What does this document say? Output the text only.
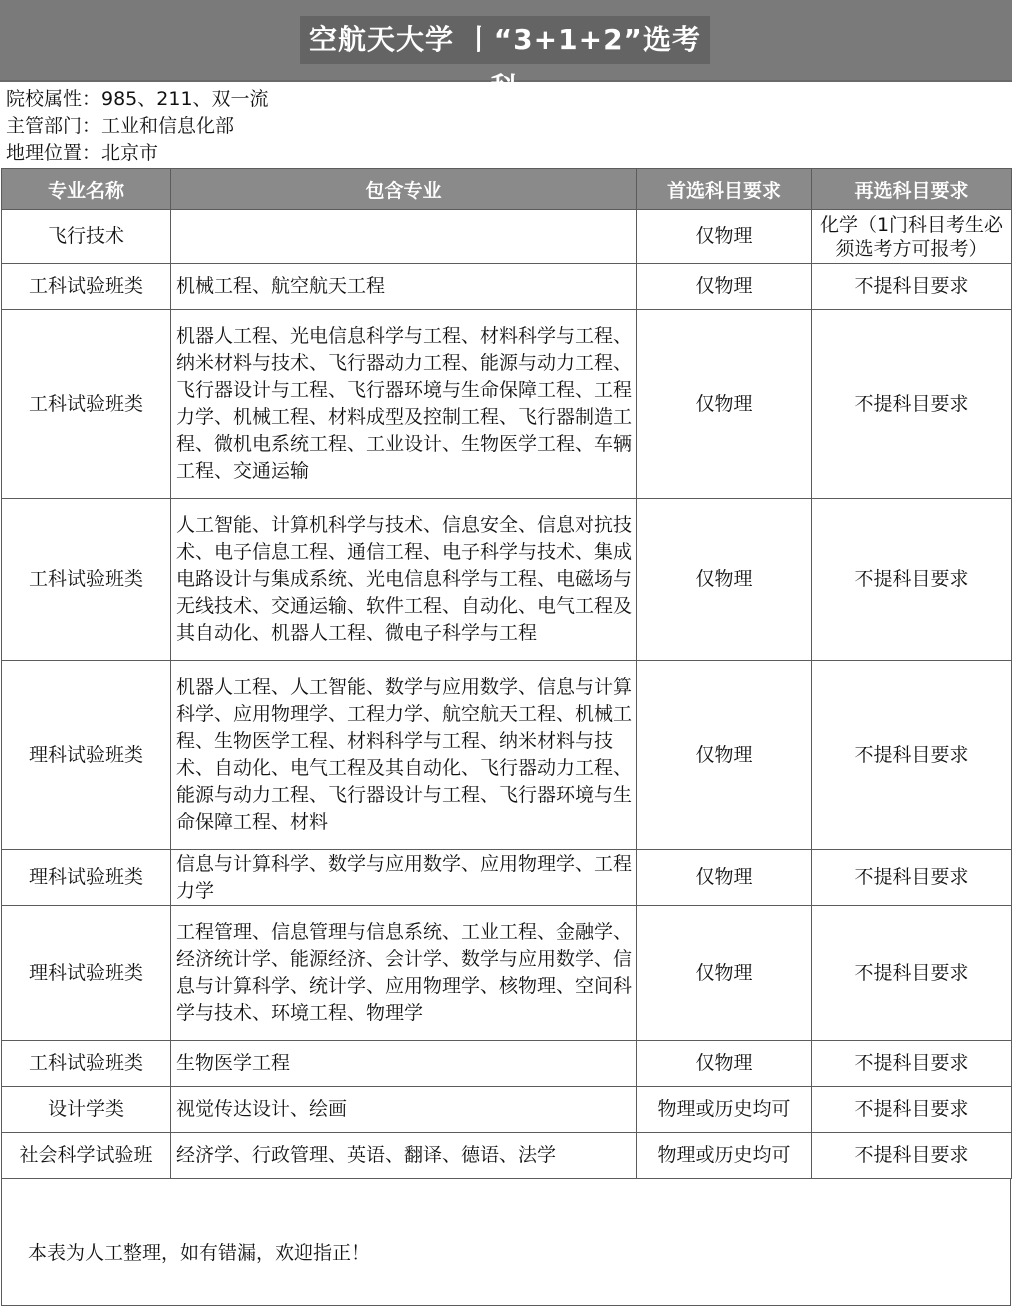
空航天大学 丨“3+1+2”选考科
院校属性：985、211、双一流
主管部门：工业和信息化部
地理位置：北京市
专业名称	包含专业	首选科目要求	再选科目要求
飞行技术		仅物理	化学（1门科目考生必须选考方可报考）
工科试验班类	机械工程、航空航天工程	仅物理	不提科目要求
工科试验班类	机器人工程、光电信息科学与工程、材料科学与工程、纳米材料与技术、飞行器动力工程、能源与动力工程、飞行器设计与工程、飞行器环境与生命保障工程、工程力学、机械工程、材料成型及控制工程、飞行器制造工程、微机电系统工程、工业设计、生物医学工程、车辆工程、交通运输	仅物理	不提科目要求
工科试验班类	人工智能、计算机科学与技术、信息安全、信息对抗技术、电子信息工程、通信工程、电子科学与技术、集成电路设计与集成系统、光电信息科学与工程、电磁场与无线技术、交通运输、软件工程、自动化、电气工程及其自动化、机器人工程、微电子科学与工程	仅物理	不提科目要求
理科试验班类	机器人工程、人工智能、数学与应用数学、信息与计算科学、应用物理学、工程力学、航空航天工程、机械工程、生物医学工程、材料科学与工程、纳米材料与技术、自动化、电气工程及其自动化、飞行器动力工程、能源与动力工程、飞行器设计与工程、飞行器环境与生命保障工程、材料	仅物理	不提科目要求
理科试验班类	信息与计算科学、数学与应用数学、应用物理学、工程力学	仅物理	不提科目要求
理科试验班类	工程管理、信息管理与信息系统、工业工程、金融学、经济统计学、能源经济、会计学、数学与应用数学、信息与计算科学、统计学、应用物理学、核物理、空间科学与技术、环境工程、物理学	仅物理	不提科目要求
工科试验班类	生物医学工程	仅物理	不提科目要求
设计学类	视觉传达设计、绘画	物理或历史均可	不提科目要求
社会科学试验班	经济学、行政管理、英语、翻译、德语、法学	物理或历史均可	不提科目要求
本表为人工整理，如有错漏，欢迎指正！
